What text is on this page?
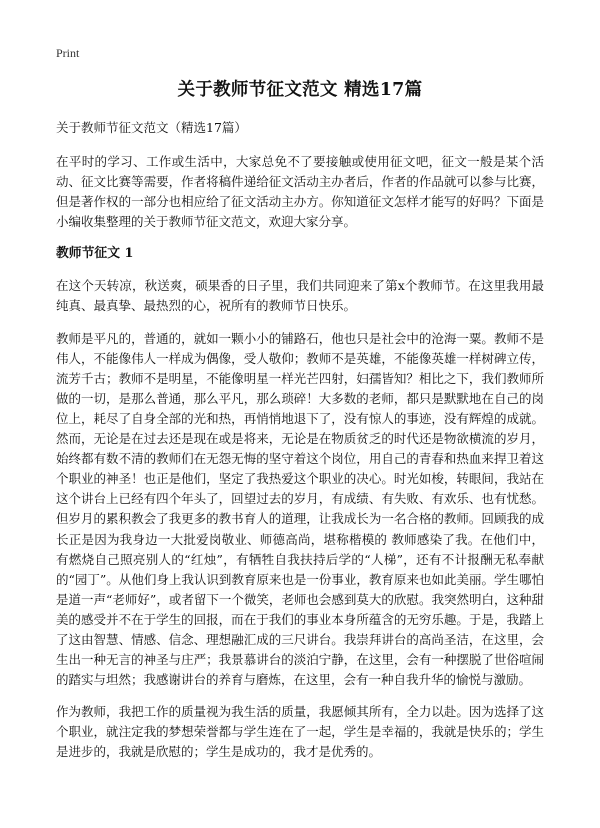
Print
关于教师节征文范文 精选17篇
关于教师节征文范文（精选17篇）

在平时的学习、工作或生活中，大家总免不了要接触或使用征文吧，征文一般是某个活动、征文比赛等需要，作者将稿件递给征文活动主办者后，作者的作品就可以参与比赛，但是著作权的一部分也相应给了征文活动主办方。你知道征文怎样才能写的好吗？下面是小编收集整理的关于教师节征文范文，欢迎大家分享。

教师节征文 1

在这个天转凉，秋送爽，硕果香的日子里，我们共同迎来了第x个教师节。在这里我用最纯真、最真挚、最热烈的心，祝所有的教师节日快乐。

教师是平凡的，普通的，就如一颗小小的铺路石，他也只是社会中的沧海一粟。教师不是伟人，不能像伟人一样成为偶像，受人敬仰；教师不是英雄，不能像英雄一样树碑立传，流芳千古；教师不是明星，不能像明星一样光芒四射，妇孺皆知？相比之下，我们教师所做的一切，是那么普通，那么平凡，那么琐碎！大多数的老师，都只是默默地在自己的岗位上，耗尽了自身全部的光和热，再悄悄地退下了，没有惊人的事迹，没有辉煌的成就。然而，无论是在过去还是现在或是将来，无论是在物质贫乏的时代还是物欲横流的岁月，始终都有数不清的教师们在无怨无悔的坚守着这个岗位，用自己的青春和热血来捍卫着这个职业的神圣！也正是他们，坚定了我热爱这个职业的决心。时光如梭，转眼间，我站在这个讲台上已经有四个年头了，回望过去的岁月，有成绩、有失败、有欢乐、也有忧愁。但岁月的累积教会了我更多的教书育人的道理，让我成长为一名合格的教师。回顾我的成长正是因为我身边一大批爱岗敬业、师德高尚，堪称楷模的 教师感染了我。在他们中，有燃烧自己照亮别人的“红烛”，有牺牲自我扶持后学的“人梯”，还有不计报酬无私奉献的“园丁”。从他们身上我认识到教育原来也是一份事业，教育原来也如此美丽。学生哪怕是道一声“老师好”，或者留下一个微笑，老师也会感到莫大的欣慰。我突然明白，这种甜美的感受并不在于学生的回报，而在于我们的事业本身所蕴含的无穷乐趣。于是，我踏上了这由智慧、情感、信念、理想融汇成的三尺讲台。我崇拜讲台的高尚圣洁，在这里，会生出一种无言的神圣与庄严；我景慕讲台的淡泊宁静，在这里，会有一种摆脱了世俗喧闹的踏实与坦然；我感谢讲台的养育与磨炼，在这里，会有一种自我升华的愉悦与激励。

作为教师，我把工作的质量视为我生活的质量，我愿倾其所有，全力以赴。因为选择了这个职业，就注定我的梦想荣誉都与学生连在了一起，学生是幸福的，我就是快乐的；学生是进步的，我就是欣慰的；学生是成功的，我才是优秀的。
